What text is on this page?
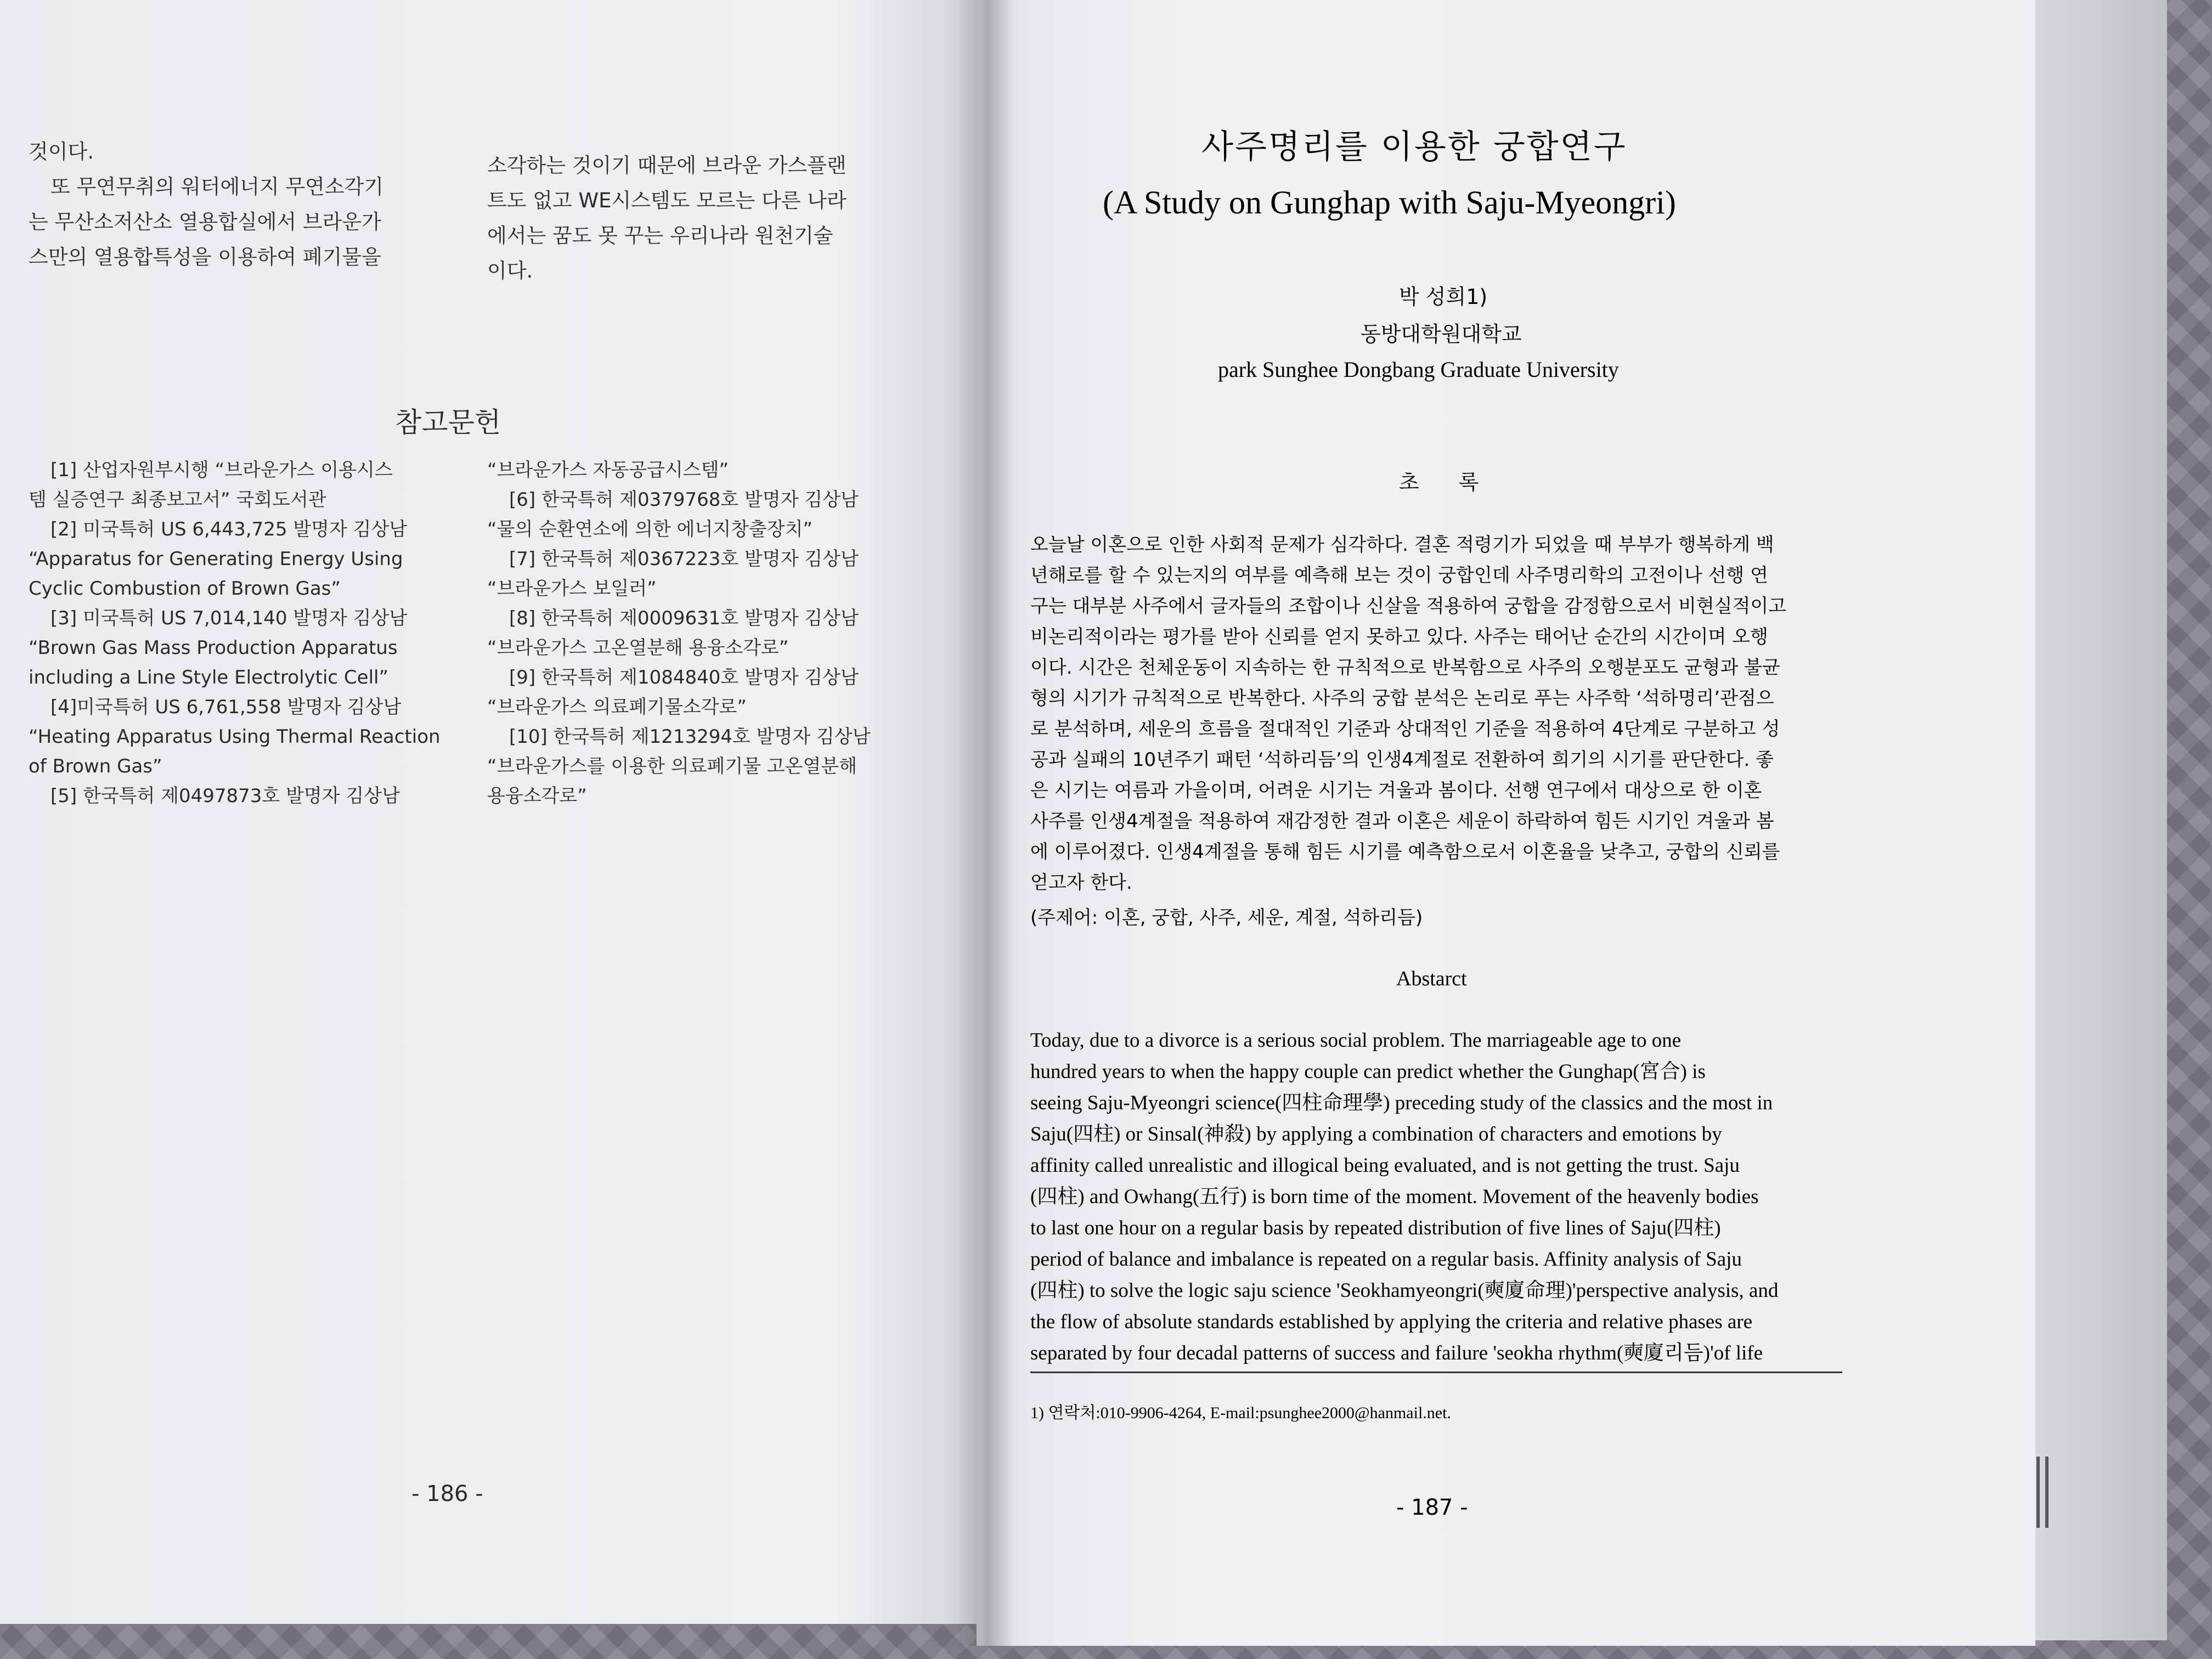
것이다.
또 무연무취의 워터에너지 무연소각기
는 무산소저산소 열용합실에서 브라운가
스만의 열용합특성을 이용하여 폐기물을
소각하는 것이기 때문에 브라운 가스플랜
트도 없고 WE시스템도 모르는 다른 나라
에서는 꿈도 못 꾸는 우리나라 원천기술
이다.
참고문헌
[1] 산업자원부시행 “브라운가스 이용시스
템 실증연구 최종보고서” 국회도서관
[2] 미국특허 US 6,443,725 발명자 김상남
“Apparatus for Generating Energy Using
Cyclic Combustion of Brown Gas”
[3] 미국특허 US 7,014,140 발명자 김상남
“Brown Gas Mass Production Apparatus
including a Line Style Electrolytic Cell”
[4]미국특허 US 6,761,558 발명자 김상남
“Heating Apparatus Using Thermal Reaction
of Brown Gas”
[5] 한국특허 제0497873호 발명자 김상남
“브라운가스 자동공급시스템”
[6] 한국특허 제0379768호 발명자 김상남
“물의 순환연소에 의한 에너지창출장치”
[7] 한국특허 제0367223호 발명자 김상남
“브라운가스 보일러”
[8] 한국특허 제0009631호 발명자 김상남
“브라운가스 고온열분해 용융소각로”
[9] 한국특허 제1084840호 발명자 김상남
“브라운가스 의료폐기물소각로”
[10] 한국특허 제1213294호 발명자 김상남
“브라운가스를 이용한 의료폐기물 고온열분해
용융소각로”
- 186 -
사주명리를 이용한 궁합연구
(A Study on Gunghap with Saju-Myeongri)
박 성희1)
동방대학원대학교
park Sunghee Dongbang Graduate University
초 록
오늘날 이혼으로 인한 사회적 문제가 심각하다. 결혼 적령기가 되었을 때 부부가 행복하게 백
년해로를 할 수 있는지의 여부를 예측해 보는 것이 궁합인데 사주명리학의 고전이나 선행 연
구는 대부분 사주에서 글자들의 조합이나 신살을 적용하여 궁합을 감정함으로서 비현실적이고
비논리적이라는 평가를 받아 신뢰를 얻지 못하고 있다. 사주는 태어난 순간의 시간이며 오행
이다. 시간은 천체운동이 지속하는 한 규칙적으로 반복함으로 사주의 오행분포도 균형과 불균
형의 시기가 규칙적으로 반복한다. 사주의 궁합 분석은 논리로 푸는 사주학 ‘석하명리’관점으
로 분석하며, 세운의 흐름을 절대적인 기준과 상대적인 기준을 적용하여 4단계로 구분하고 성
공과 실패의 10년주기 패턴 ‘석하리듬’의 인생4계절로 전환하여 희기의 시기를 판단한다. 좋
은 시기는 여름과 가을이며, 어려운 시기는 겨울과 봄이다. 선행 연구에서 대상으로 한 이혼
사주를 인생4계절을 적용하여 재감정한 결과 이혼은 세운이 하락하여 힘든 시기인 겨울과 봄
에 이루어졌다. 인생4계절을 통해 힘든 시기를 예측함으로서 이혼율을 낮추고, 궁합의 신뢰를
얻고자 한다.
(주제어: 이혼, 궁합, 사주, 세운, 계절, 석하리듬)
Abstarct
Today, due to a divorce is a serious social problem. The marriageable age to one
hundred years to when the happy couple can predict whether the Gunghap(宮合) is
seeing Saju-Myeongri science(四柱命理學) preceding study of the classics and the most in
Saju(四柱) or Sinsal(神殺) by applying a combination of characters and emotions by
affinity called unrealistic and illogical being evaluated, and is not getting the trust. Saju
(四柱) and Owhang(五行) is born time of the moment. Movement of the heavenly bodies
to last one hour on a regular basis by repeated distribution of five lines of Saju(四柱)
period of balance and imbalance is repeated on a regular basis. Affinity analysis of Saju
(四柱) to solve the logic saju science 'Seokhamyeongri(奭廈命理)'perspective analysis, and
the flow of absolute standards established by applying the criteria and relative phases are
separated by four decadal patterns of success and failure 'seokha rhythm(奭廈리듬)'of life
1) 연락처:010-9906-4264, E-mail:psunghee2000@hanmail.net.
- 187 -
